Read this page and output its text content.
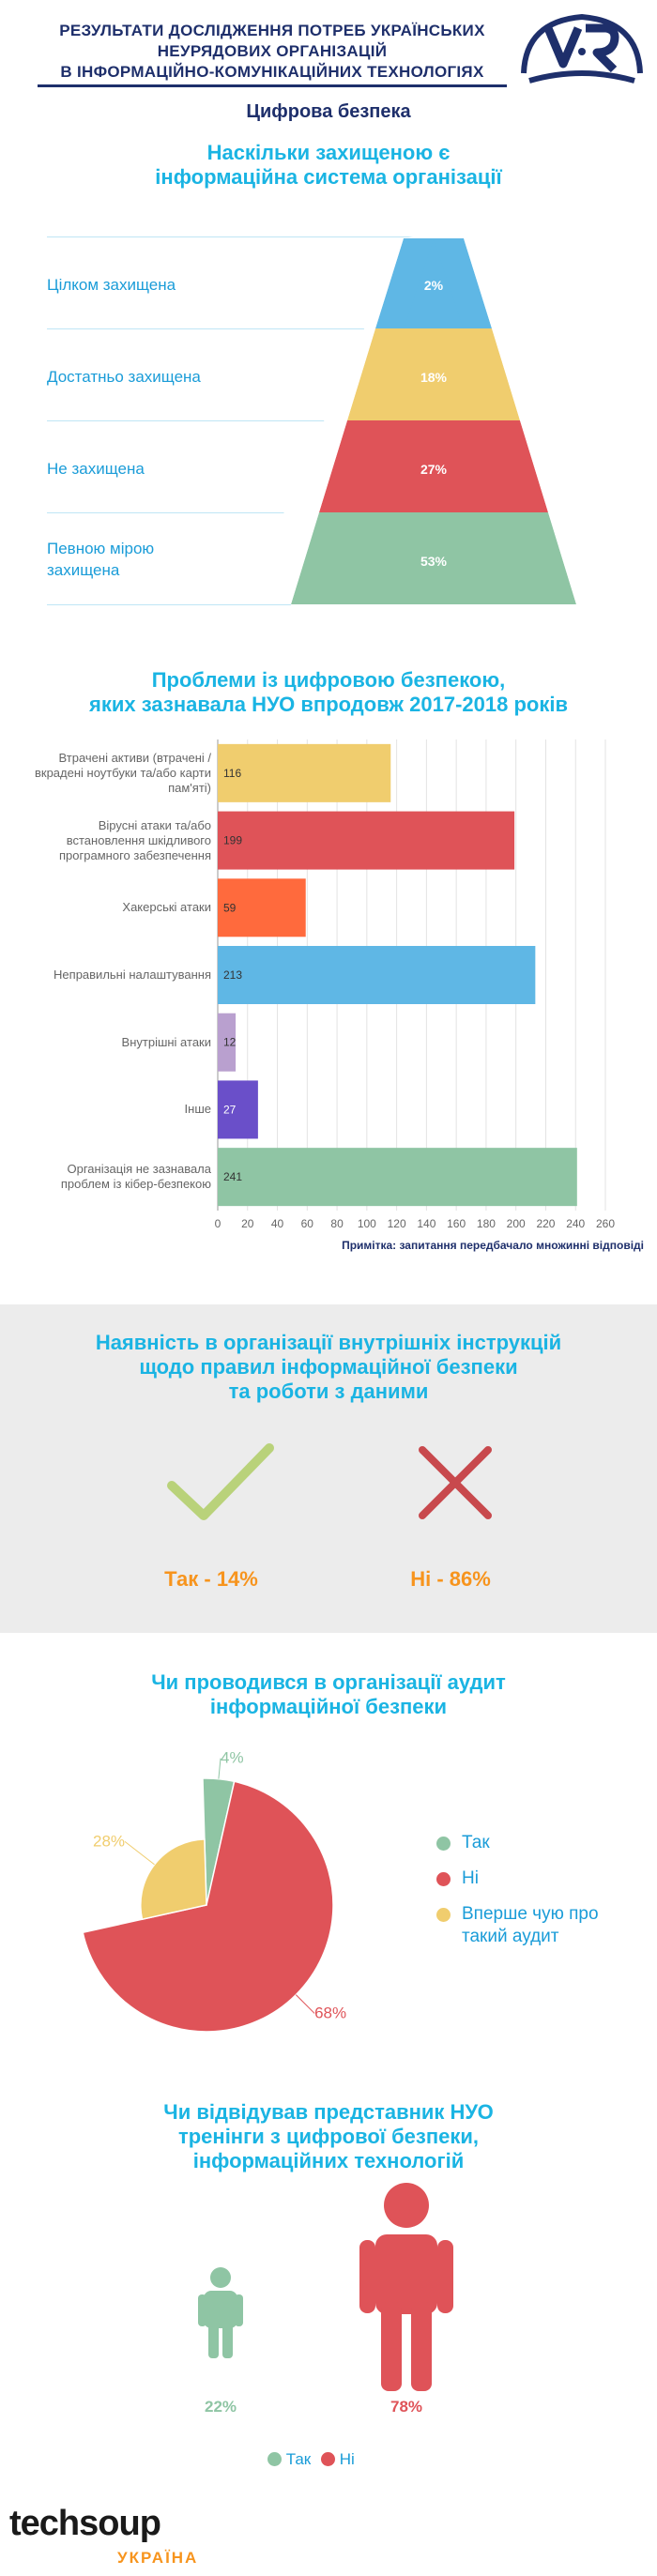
РЕЗУЛЬТАТИ ДОСЛІДЖЕННЯ ПОТРЕБ УКРАЇНСЬКИХ
НЕУРЯДОВИХ ОРГАНІЗАЦІЙ
В ІНФОРМАЦІЙНО-КОМУНІКАЦІЙНИХ ТЕХНОЛОГІЯХ
Цифрова безпека
Наскільки захищеною є
інформаційна система організації
Цілком захищена
Достатньо захищена
Не захищена
Певною мірою
захищена
2%
18%
27%
53%
Проблеми із цифровою безпекою,
яких зазнавала НУО впродовж 2017-2018 років
Втрачені активи (втрачені /
вкрадені ноутбуки та/або карти
пам'яті)
Вірусні атаки та/або
встановлення шкідливого
програмного забезпечення
Хакерські атаки
Неправильні налаштування
Внутрішні атаки
Інше
Організація не зазнавала
проблем із кібер-безпекою
0 20 40 60 80 100 120 140 160 180 200 220 240 260
116
199
59
213
12
27
241
Примітка: запитання передбачало множинні відповіді
Наявність в організації внутрішніх інструкцій
щодо правил інформаційної безпеки
та роботи з даними
Так - 14%	Ні - 86%
Чи проводився в організації аудит
інформаційної безпеки
4%
68%
28%	Так
Ні
Вперше чую про
такий аудит
Чи відвідував представник НУО
тренінги з цифрової безпеки,
інформаційних технологій
22%	78%
Так Ні
techsoup
УКРАЇНА
